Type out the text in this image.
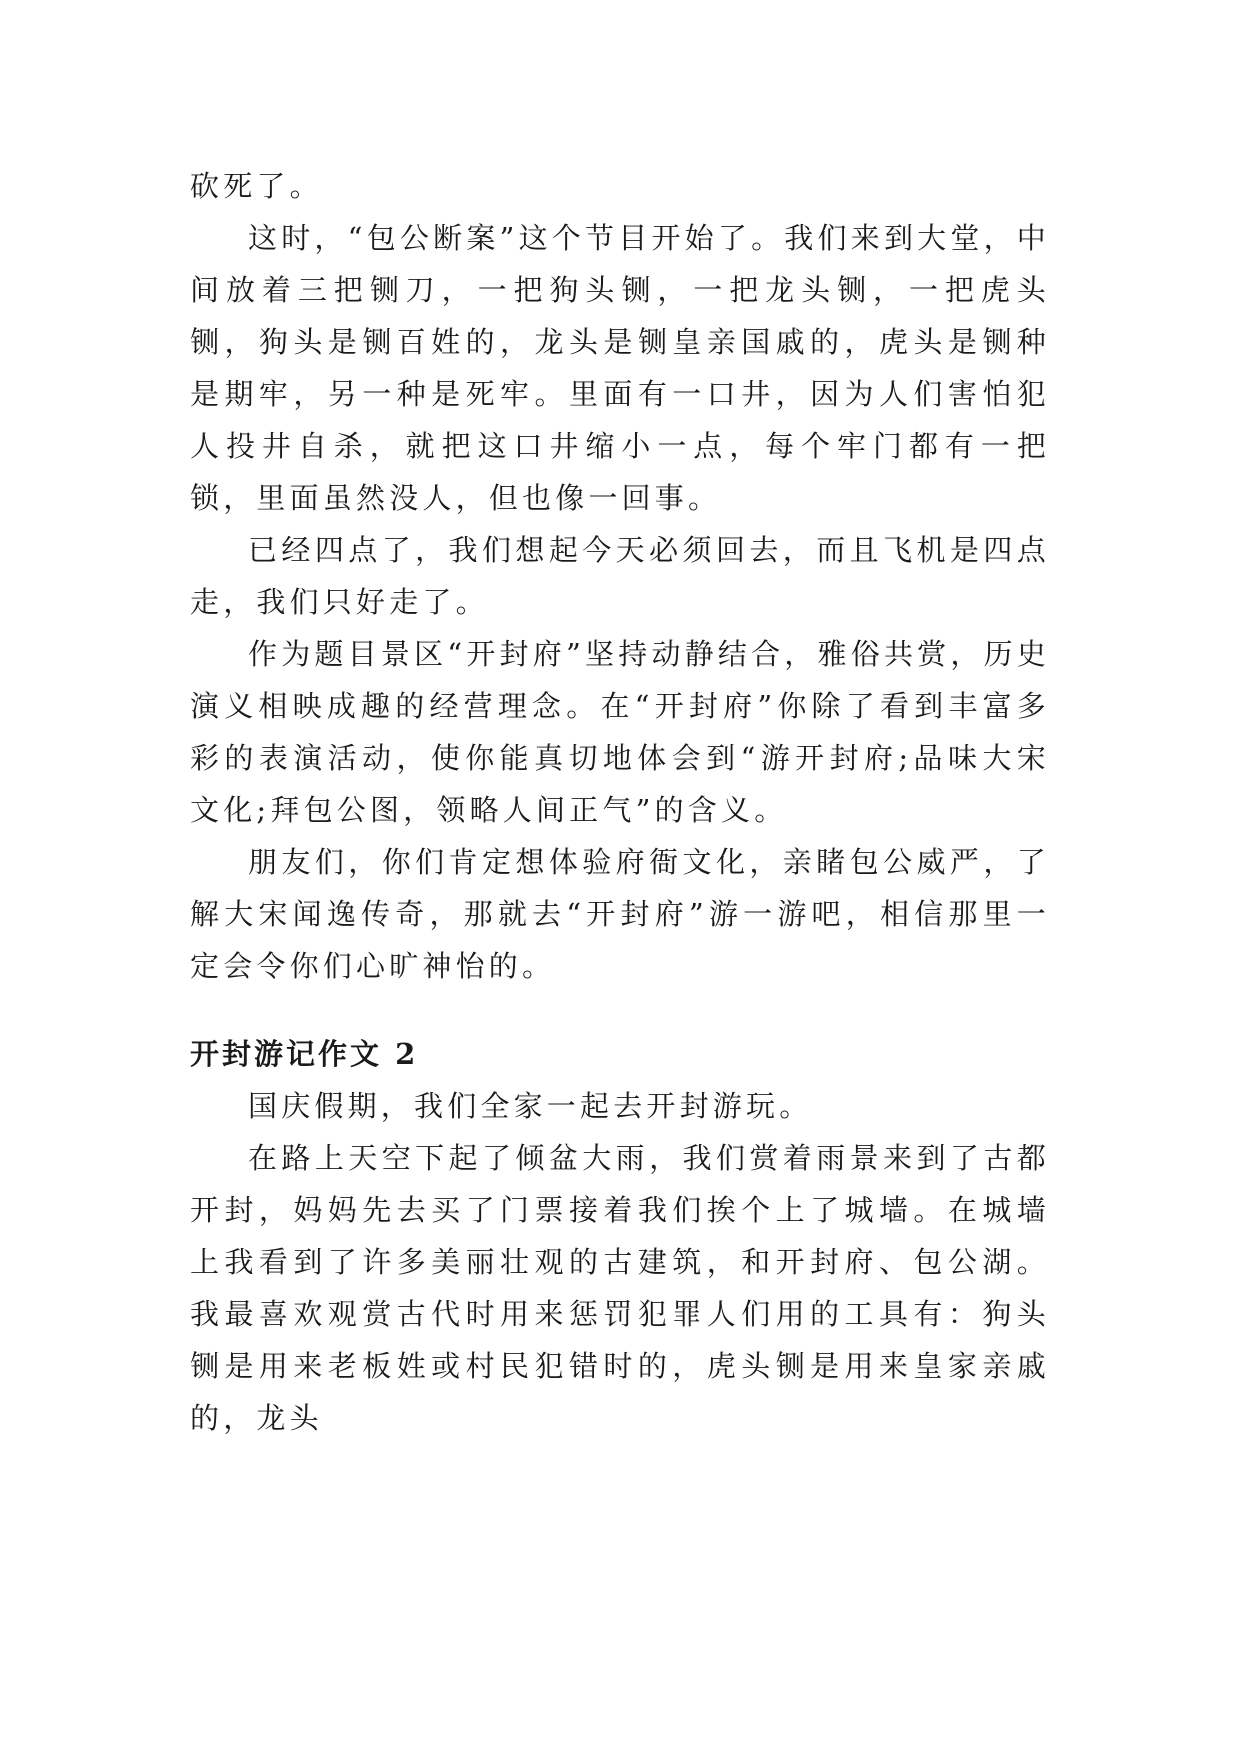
砍死了。

这时，“包公断案”这个节目开始了。我们来到大堂，中间放着三把铡刀，一把狗头铡，一把龙头铡，一把虎头铡，狗头是铡百姓的，龙头是铡皇亲国戚的，虎头是铡种是期牢，另一种是死牢。里面有一口井，因为人们害怕犯人投井自杀，就把这口井缩小一点，每个牢门都有一把锁，里面虽然没人，但也像一回事。

已经四点了，我们想起今天必须回去，而且飞机是四点走，我们只好走了。

作为题目景区“开封府”坚持动静结合，雅俗共赏，历史演义相映成趣的经营理念。在“开封府”你除了看到丰富多彩的表演活动，使你能真切地体会到“游开封府;品味大宋文化;拜包公图，领略人间正气”的含义。

朋友们，你们肯定想体验府衙文化，亲睹包公威严，了解大宋闻逸传奇，那就去“开封府”游一游吧，相信那里一定会令你们心旷神怡的。

开封游记作文 2

国庆假期，我们全家一起去开封游玩。

在路上天空下起了倾盆大雨，我们赏着雨景来到了古都开封，妈妈先去买了门票接着我们挨个上了城墙。在城墙上我看到了许多美丽壮观的古建筑，和开封府、包公湖。我最喜欢观赏古代时用来惩罚犯罪人们用的工具有：狗头铡是用来老板姓或村民犯错时的，虎头铡是用来皇家亲戚的，龙头
